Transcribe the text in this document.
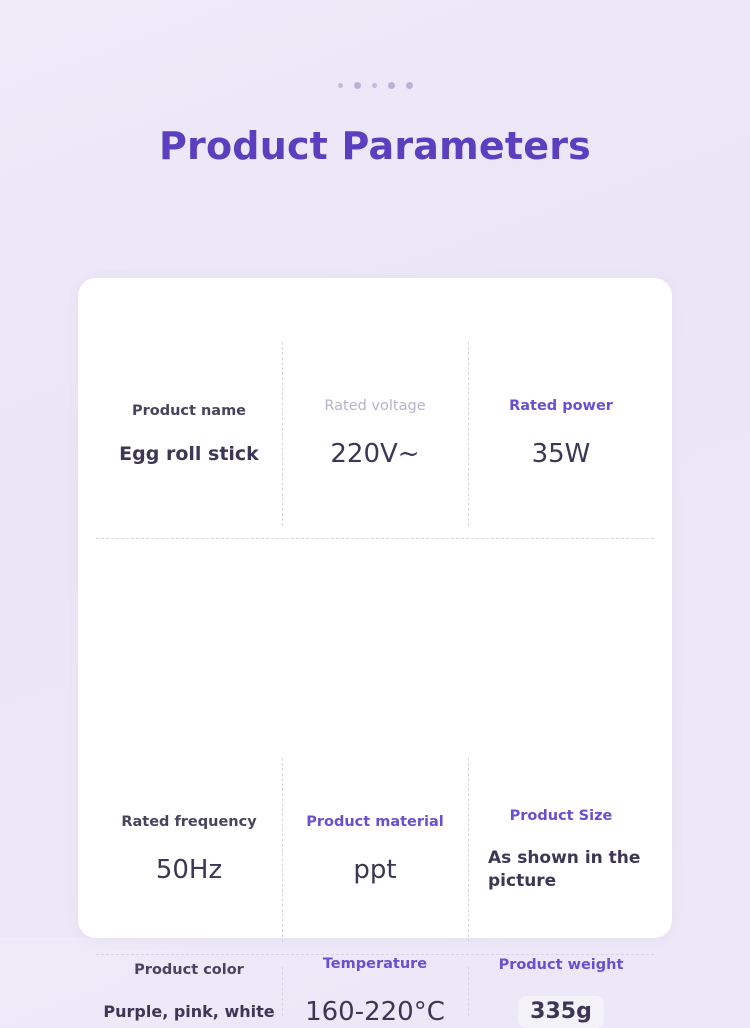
Product Parameters
Product name
Egg roll stick
Rated voltage
220V~
Rated power
35W
Rated frequency
50Hz
Product material
ppt
Product Size
As shown in the picture
Product color
Purple, pink, white
Temperature
160-220°C
Product weight
335g
